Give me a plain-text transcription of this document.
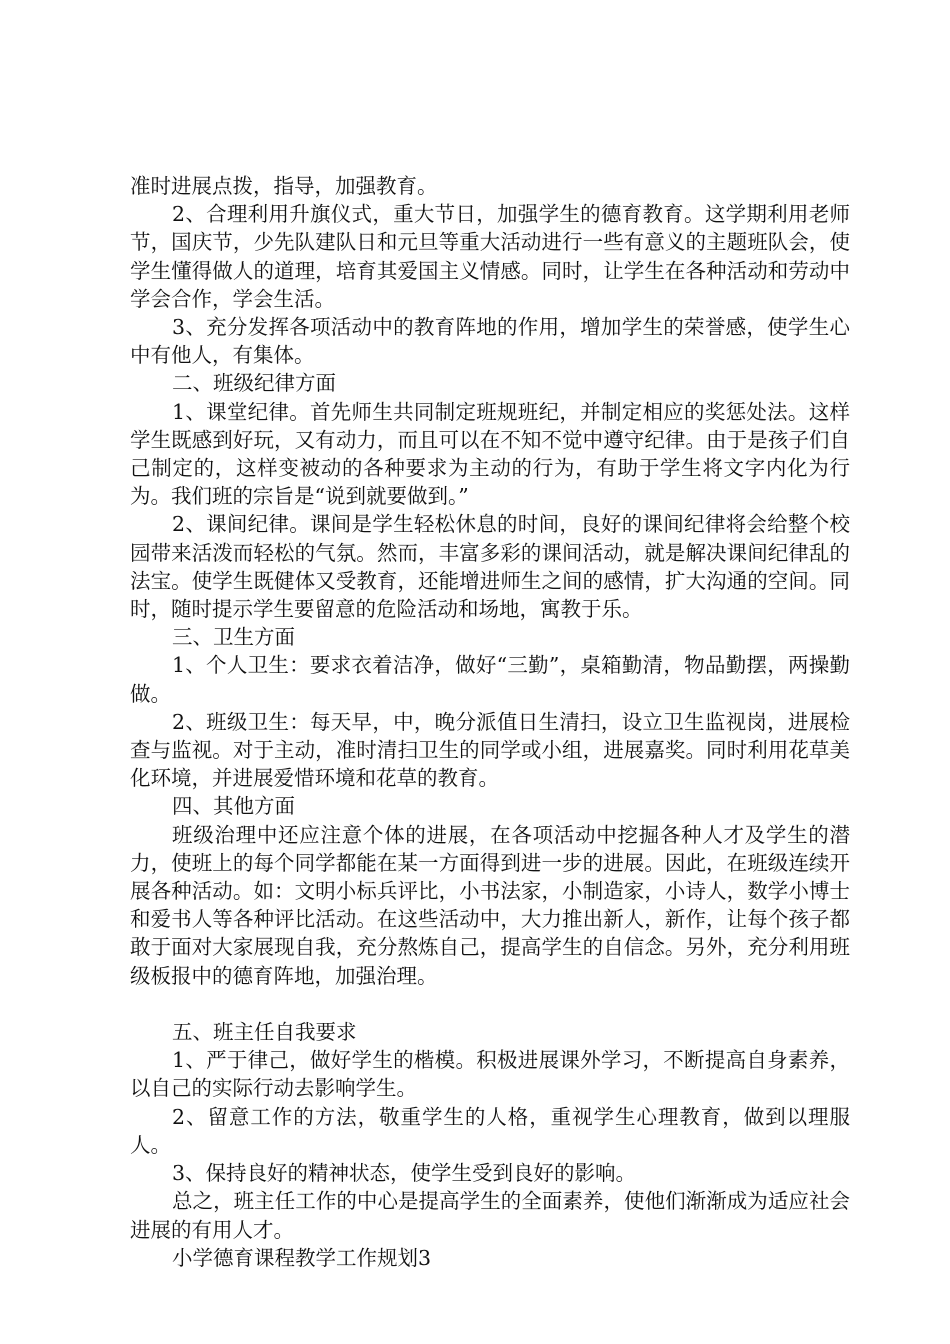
准时进展点拨，指导，加强教育。

2、合理利用升旗仪式，重大节日，加强学生的德育教育。这学期利用老师节，国庆节，少先队建队日和元旦等重大活动进行一些有意义的主题班队会，使学生懂得做人的道理，培育其爱国主义情感。同时，让学生在各种活动和劳动中学会合作，学会生活。

3、充分发挥各项活动中的教育阵地的作用，增加学生的荣誉感，使学生心中有他人，有集体。

二、班级纪律方面

1、课堂纪律。首先师生共同制定班规班纪，并制定相应的奖惩处法。这样学生既感到好玩，又有动力，而且可以在不知不觉中遵守纪律。由于是孩子们自己制定的，这样变被动的各种要求为主动的行为，有助于学生将文字内化为行为。我们班的宗旨是“说到就要做到。”

2、课间纪律。课间是学生轻松休息的时间，良好的课间纪律将会给整个校园带来活泼而轻松的气氛。然而，丰富多彩的课间活动，就是解决课间纪律乱的法宝。使学生既健体又受教育，还能增进师生之间的感情，扩大沟通的空间。同时，随时提示学生要留意的危险活动和场地，寓教于乐。

三、卫生方面

1、个人卫生：要求衣着洁净，做好“三勤”，桌箱勤清，物品勤摆，两操勤做。

2、班级卫生：每天早，中，晚分派值日生清扫，设立卫生监视岗，进展检查与监视。对于主动，准时清扫卫生的同学或小组，进展嘉奖。同时利用花草美化环境，并进展爱惜环境和花草的教育。

四、其他方面

班级治理中还应注意个体的进展，在各项活动中挖掘各种人才及学生的潜力，使班上的每个同学都能在某一方面得到进一步的进展。因此，在班级连续开展各种活动。如：文明小标兵评比，小书法家，小制造家，小诗人，数学小博士和爱书人等各种评比活动。在这些活动中，大力推出新人，新作，让每个孩子都敢于面对大家展现自我，充分熬炼自己，提高学生的自信念。另外，充分利用班级板报中的德育阵地，加强治理。

五、班主任自我要求

1、严于律己，做好学生的楷模。积极进展课外学习，不断提高自身素养，以自己的实际行动去影响学生。

2、留意工作的方法，敬重学生的人格，重视学生心理教育，做到以理服人。

3、保持良好的精神状态，使学生受到良好的影响。

总之，班主任工作的中心是提高学生的全面素养，使他们渐渐成为适应社会进展的有用人才。

小学德育课程教学工作规划3
